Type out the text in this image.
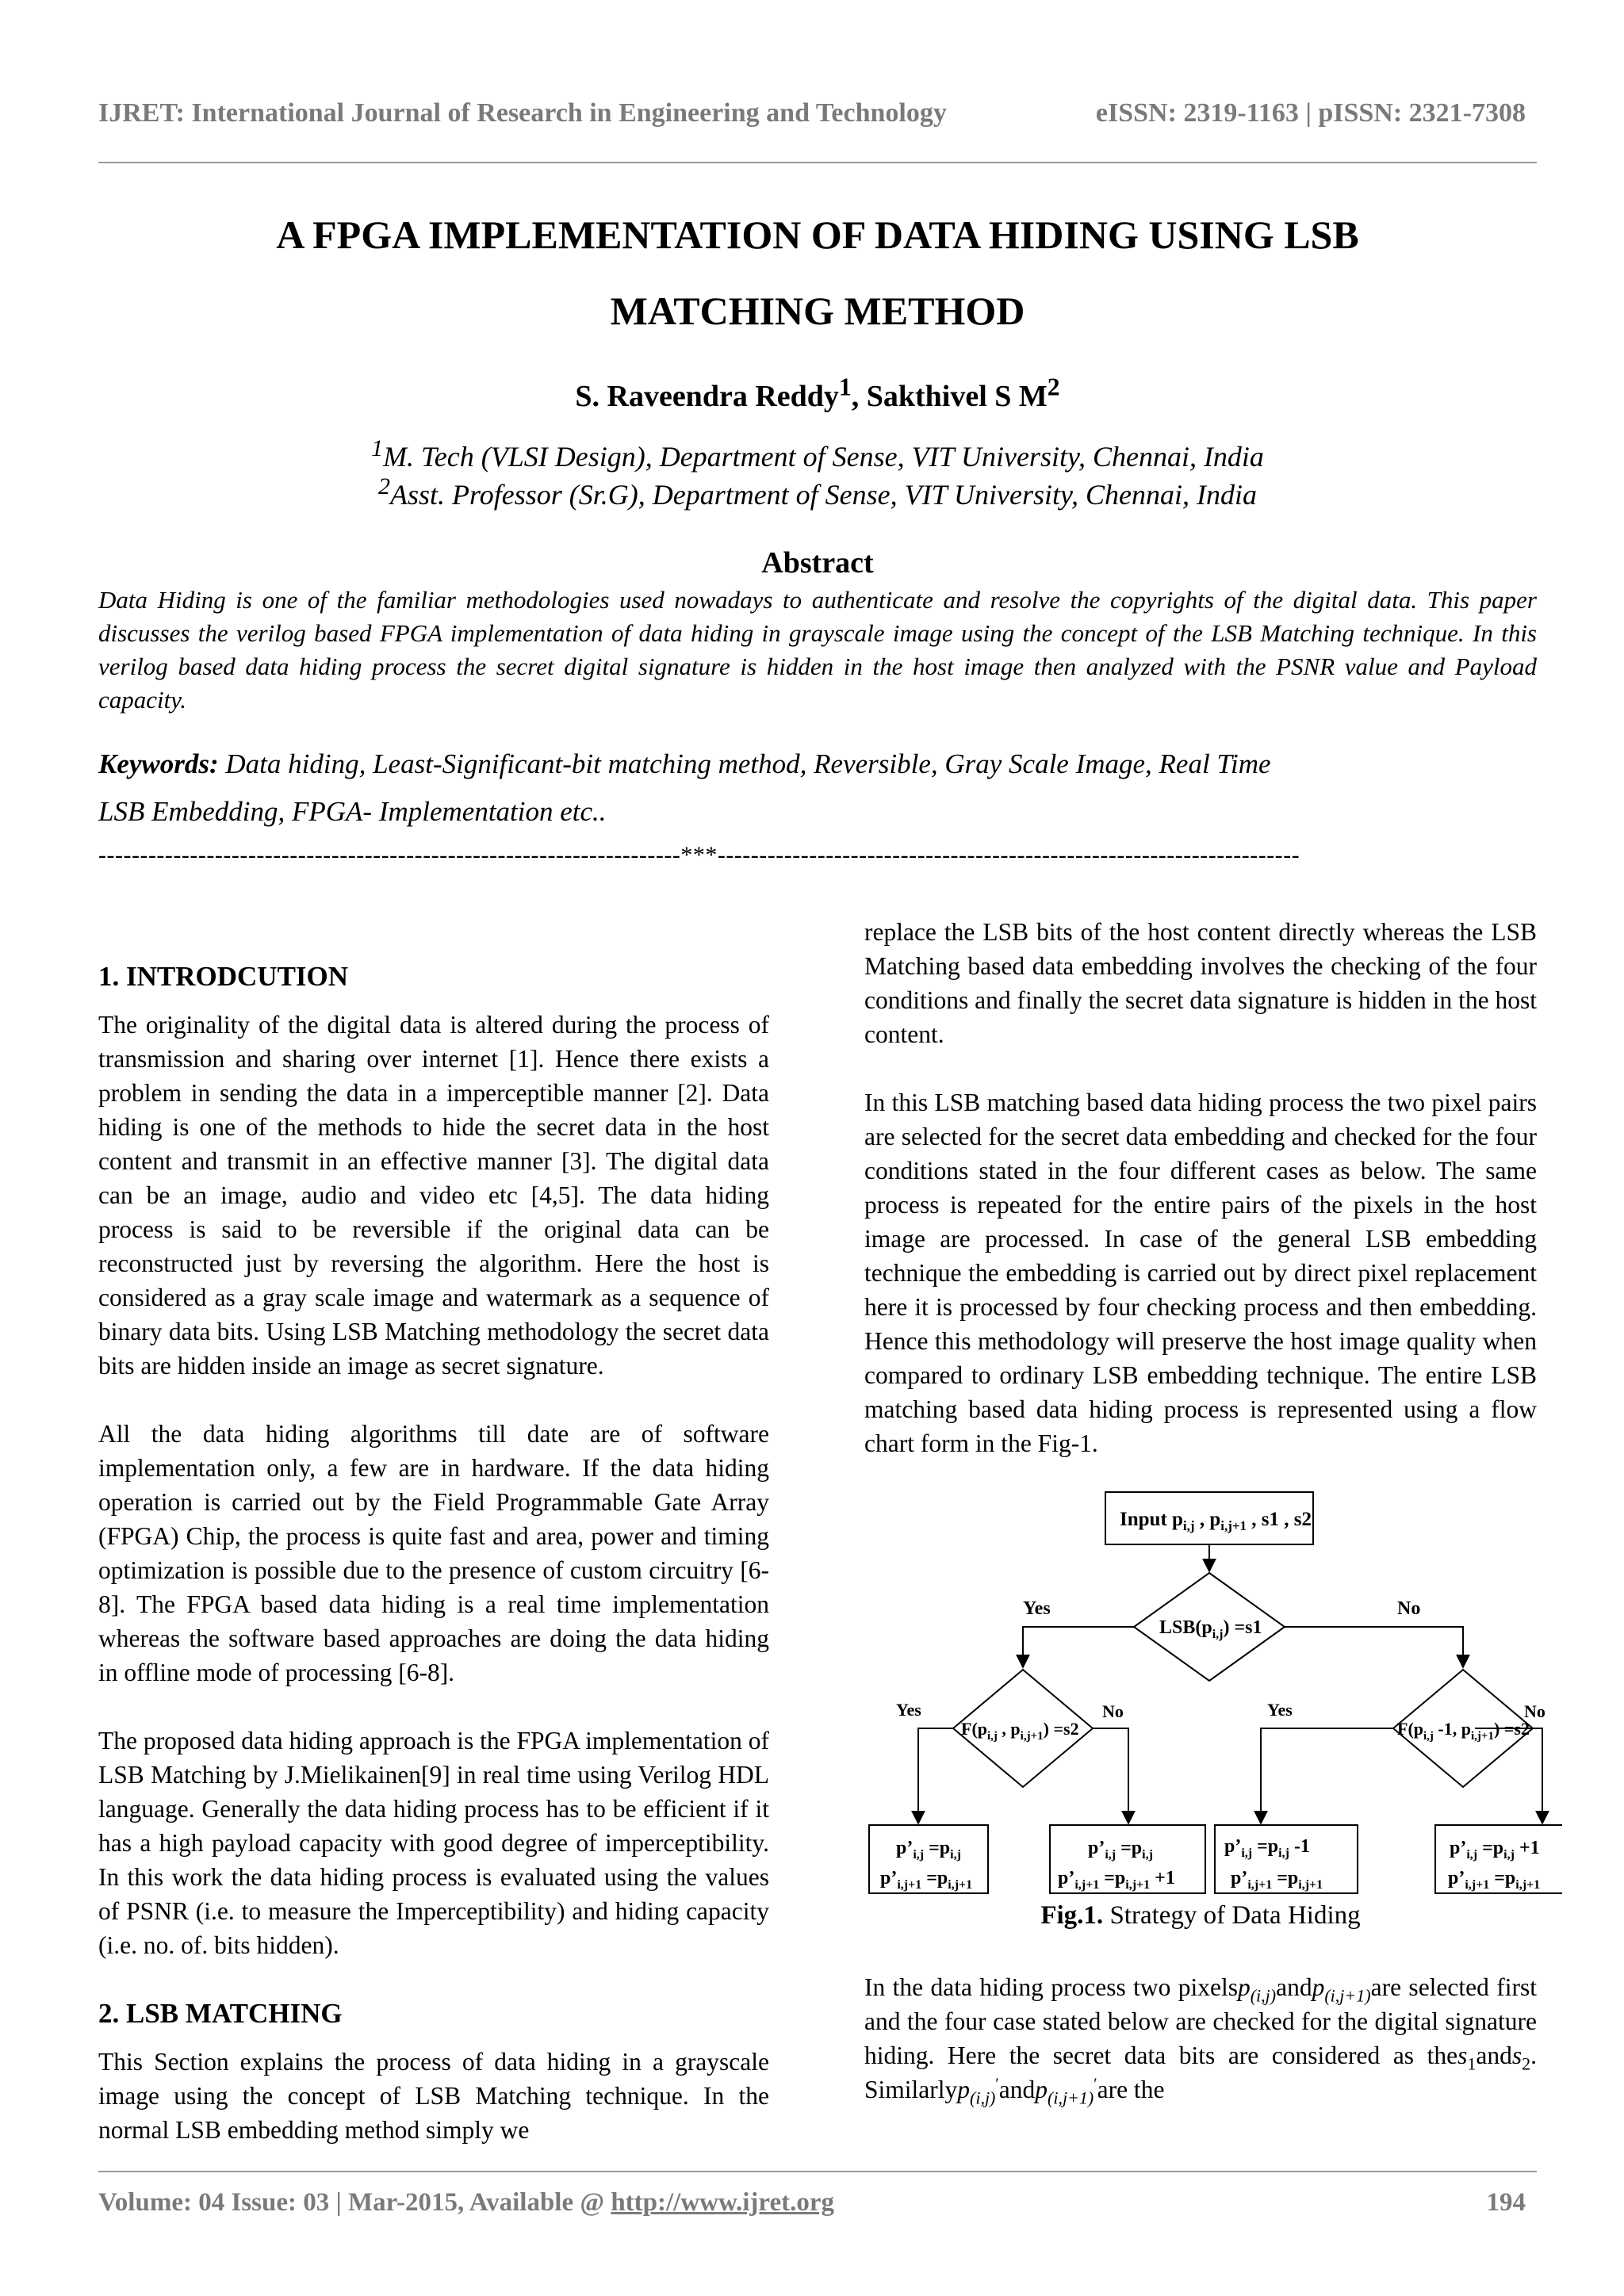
IJRET: International Journal of Research in Engineering and Technology	eISSN: 2319-1163 | pISSN: 2321-7308
A FPGA IMPLEMENTATION OF DATA HIDING USING LSB
MATCHING METHOD
S. Raveendra Reddy$^1$, Sakthivel S $M^2$
$^1$M. Tech (VLSI Design), Department of Sense, VIT University, Chennai, India
$^2$Asst. Professor (Sr.G), Department of Sense, VIT University, Chennai, India
Abstract
Data Hiding is one of the familiar methodologies used nowadays to authenticate and resolve the copyrights of the digital data. This paper discusses the verilog based FPGA implementation of data hiding in grayscale image using the concept of the LSB Matching technique. In this verilog based data hiding process the secret digital signature is hidden in the host image then analyzed with the PSNR value and Payload capacity.
Keywords: Data hiding, Least-Significant-bit matching method, Reversible, Gray Scale Image, Real Time
LSB Embedding, FPGA- Implementation etc..
----------------------------------------------------------------------***----------------------------------------------------------------------

1. INTRODCUTION

The originality of the digital data is altered during the process of transmission and sharing over internet [1]. Hence there exists a problem in sending the data in a imperceptible manner [2]. Data hiding is one of the methods to hide the secret data in the host content and transmit in an effective manner [3]. The digital data can be an image, audio and video etc [4,5]. The data hiding process is said to be reversible if the original data can be reconstructed just by reversing the algorithm. Here the host is considered as a gray scale image and watermark as a sequence of binary data bits. Using LSB Matching methodology the secret data bits are hidden inside an image as secret signature.

All the data hiding algorithms till date are of software implementation only, a few are in hardware. If the data hiding operation is carried out by the Field Programmable Gate Array (FPGA) Chip, the process is quite fast and area, power and timing optimization is possible due to the presence of custom circuitry [6-8]. The FPGA based data hiding is a real time implementation whereas the software based approaches are doing the data hiding in offline mode of processing [6-8].

The proposed data hiding approach is the FPGA implementation of LSB Matching by J.Mielikainen[9] in real time using Verilog HDL language. Generally the data hiding process has to be efficient if it has a high payload capacity with good degree of imperceptibility. In this work the data hiding process is evaluated using the values of PSNR (i.e. to measure the Imperceptibility) and hiding capacity (i.e. no. of. bits hidden).

2. LSB MATCHING

This Section explains the process of data hiding in a grayscale image using the concept of LSB Matching technique. In the normal LSB embedding method simply we

replace the LSB bits of the host content directly whereas the LSB Matching based data embedding involves the checking of the four conditions and finally the secret data signature is hidden in the host content.

In this LSB matching based data hiding process the two pixel pairs are selected for the secret data embedding and checked for the four conditions stated in the four different cases as below. The same process is repeated for the entire pairs of the pixels in the host image are processed. In case of the general LSB embedding technique the embedding is carried out by direct pixel replacement here it is processed by four checking process and then embedding. Hence this methodology will preserve the host image quality when compared to ordinary LSB embedding technique. The entire LSB matching based data hiding process is represented using a flow chart form in the Fig-1.

Input $p_{i,j}$ , $p_{i,j+1}$ , s1 , s2
$LSB(p_{i,j}) =s1$
Yes	No
$F(p_{i,j}$ , $p_{i,j+1}) =s2$
Yes	No
$F(p_{i,j}$ -1, $p_{i,j+1}) =s2$
Yes	No
$p’_{i,j} =p_{i,j}$
$p’_{i,j+1} =p_{i,j+1}$
$p’_{i,j} =p_{i,j}$
$p’_{i,j+1} =p_{i,j+1} +1$
$p’_{i,j} =p_{i,j}$ -1
$p’_{i,j+1} =p_{i,j+1}$
$p’_{i,j} =p_{i,j} +1$
$p’_{i,j+1} =p_{i,j+1}$
Fig.1. Strategy of Data Hiding

In the data hiding process two pixelsp$_{(i,j)}$andp$_{(i,j+1)}$are selected first and the four case stated below are checked for the digital signature hiding. Here the secret data bits are considered as thes$_1$ands$_2$. Similarlyp$_{(i,j)}$′andp$_{(i,j+1)}$′are the

Volume: 04 Issue: 03 | Mar-2015, Available @ http://www.ijret.org	194
